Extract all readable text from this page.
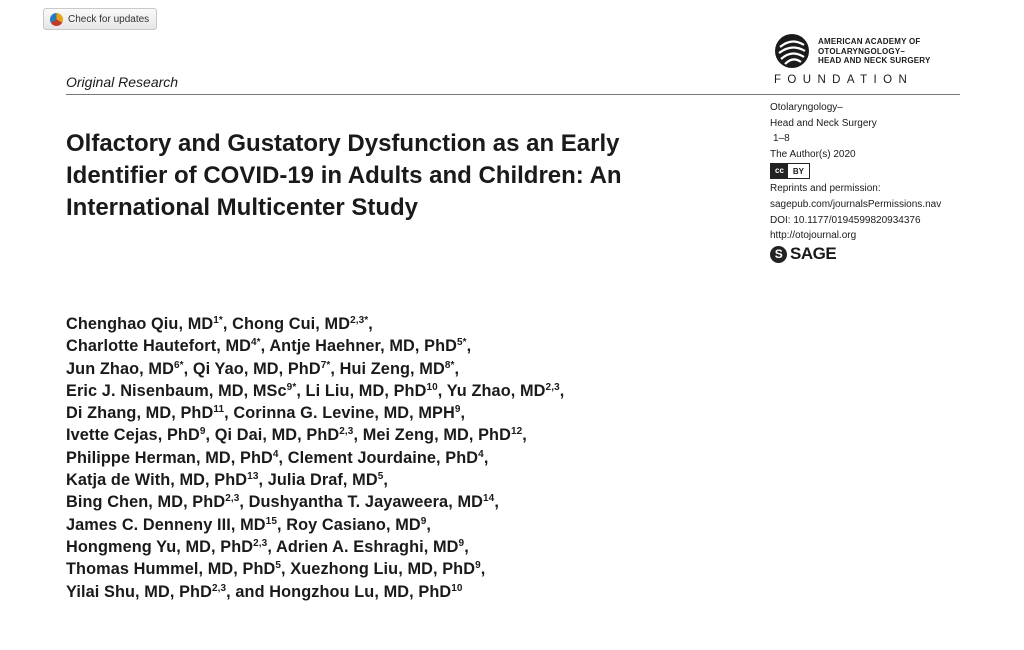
Check for updates
Original Research
AMERICAN ACADEMY OF
OTOLARYNGOLOGY–
HEAD AND NECK SURGERY
FOUNDATION
Olfactory and Gustatory Dysfunction as an Early Identifier of COVID-19 in Adults and Children: An International Multicenter Study
Otolaryngology–
Head and Neck Surgery
1–8
The Author(s) 2020
cc	BY
Reprints and permission:
sagepub.com/journalsPermissions.nav
DOI: 10.1177/0194599820934376
http://otojournal.org
S SAGE
Chenghao Qiu, $MD^{1*}$, Chong Cui, $MD^{2,3*}$,
Charlotte Hautefort, $MD^{4*}$, Antje Haehner, MD, PhD$^{5*}$,
Jun Zhao, $MD^{6*}$, Qi Yao, MD, PhD$^{7*}$, Hui Zeng, $MD^{8*}$,
Eric J. Nisenbaum, MD, MSc$^{9*}$, Li Liu, MD, PhD$^{10}$, Yu Zhao, MD$^{2,3}$,
Di Zhang, MD, PhD$^{11}$, Corinna G. Levine, MD, MPH$^9$,
Ivette Cejas, PhD$^9$, Qi Dai, MD, PhD$^{2,3}$, Mei Zeng, MD, PhD$^{12}$,
Philippe Herman, MD, PhD$^4$, Clement Jourdaine, PhD$^4$,
Katja de With, MD, PhD$^{13}$, Julia Draf, $MD^5$,
Bing Chen, MD, PhD$^{2,3}$, Dushyantha T. Jayaweera, MD$^{14}$,
James C. Denneny III, MD$^{15}$, Roy Casiano, $MD^9$,
Hongmeng Yu, MD, PhD$^{2,3}$, Adrien A. Eshraghi, $MD^9$,
Thomas Hummel, MD, PhD$^5$, Xuezhong Liu, MD, PhD$^9$,
Yilai Shu, MD, PhD$^{2,3}$, and Hongzhou Lu, MD, PhD$^{10}$
